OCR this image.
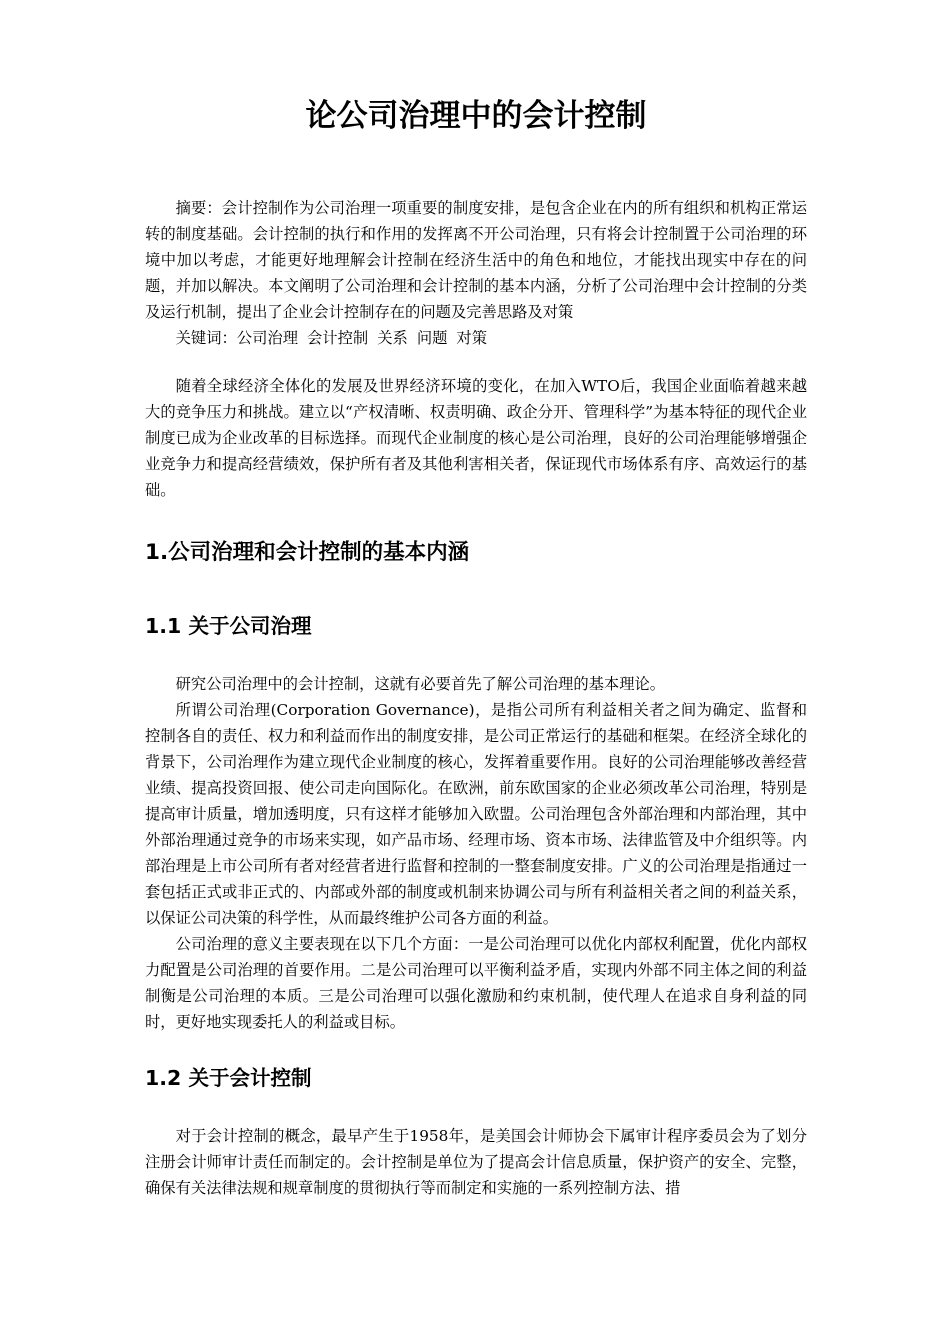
论公司治理中的会计控制

摘要：会计控制作为公司治理一项重要的制度安排，是包含企业在内的所有组织和机构正常运转的制度基础。会计控制的执行和作用的发挥离不开公司治理，只有将会计控制置于公司治理的环境中加以考虑，才能更好地理解会计控制在经济生活中的角色和地位，才能找出现实中存在的问题，并加以解决。本文阐明了公司治理和会计控制的基本内涵，分析了公司治理中会计控制的分类及运行机制，提出了企业会计控制存在的问题及完善思路及对策

关键词：公司治理 会计控制 关系 问题 对策

随着全球经济全体化的发展及世界经济环境的变化，在加入WTO后，我国企业面临着越来越大的竞争压力和挑战。建立以“产权清晰、权责明确、政企分开、管理科学”为基本特征的现代企业制度已成为企业改革的目标选择。而现代企业制度的核心是公司治理，良好的公司治理能够增强企业竞争力和提高经营绩效，保护所有者及其他利害相关者，保证现代市场体系有序、高效运行的基础。

1.公司治理和会计控制的基本内涵
1.1 关于公司治理

研究公司治理中的会计控制，这就有必要首先了解公司治理的基本理论。

所谓公司治理(Corporation Governance)，是指公司所有利益相关者之间为确定、监督和控制各自的责任、权力和利益而作出的制度安排，是公司正常运行的基础和框架。在经济全球化的背景下，公司治理作为建立现代企业制度的核心，发挥着重要作用。良好的公司治理能够改善经营业绩、提高投资回报、使公司走向国际化。在欧洲，前东欧国家的企业必须改革公司治理，特别是提高审计质量，增加透明度，只有这样才能够加入欧盟。公司治理包含外部治理和内部治理，其中外部治理通过竞争的市场来实现，如产品市场、经理市场、资本市场、法律监管及中介组织等。内部治理是上市公司所有者对经营者进行监督和控制的一整套制度安排。广义的公司治理是指通过一套包括正式或非正式的、内部或外部的制度或机制来协调公司与所有利益相关者之间的利益关系，以保证公司决策的科学性，从而最终维护公司各方面的利益。

公司治理的意义主要表现在以下几个方面：一是公司治理可以优化内部权利配置，优化内部权力配置是公司治理的首要作用。二是公司治理可以平衡利益矛盾，实现内外部不同主体之间的利益制衡是公司治理的本质。三是公司治理可以强化激励和约束机制，使代理人在追求自身利益的同时，更好地实现委托人的利益或目标。

1.2 关于会计控制

对于会计控制的概念，最早产生于1958年，是美国会计师协会下属审计程序委员会为了划分注册会计师审计责任而制定的。会计控制是单位为了提高会计信息质量，保护资产的安全、完整，确保有关法律法规和规章制度的贯彻执行等而制定和实施的一系列控制方法、措
